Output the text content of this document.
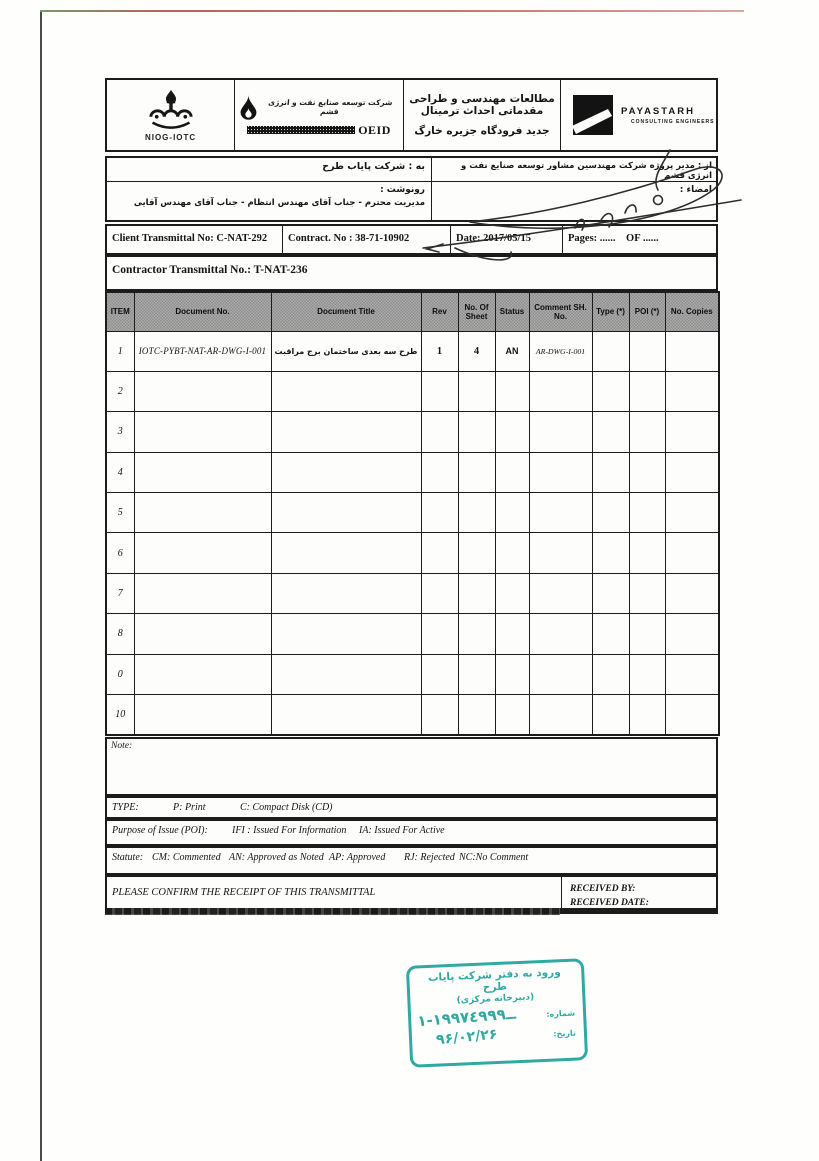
NIOG-IOTC
شرکت توسعه صنایع نفت و انرژی قشم
OEID
مطالعات مهندسی و طراحی مقدماتی احداث ترمینال
جدید فرودگاه جزیره خارگ
PAYASTARH
CONSULTING ENGINEERS
به : شرکت پایاب طرح	از : مدیر پروژه شرکت مهندسین مشاور توسعه صنایع نفت و انرژی قشم
رونوشت :
مدیریت محترم - جناب آقای مهندس انتظام - جناب آقای مهندس آقایی
امضاء :
Client Transmittal No: C-NAT-292	Contract. No : 38-71-10902	Date: 2017/05/15	Pages: ......    OF ......
Contractor Transmittal No.: T-NAT-236
ITEM	Document No.	Document Title	Rev	No. Of Sheet	Status	Comment SH. No.	Type (*)	POI (*)	No. Copies
1	IOTC-PYBT-NAT-AR-DWG-I-001	طرح سه بعدی ساختمان برج مراقبت	1	4	AN	AR-DWG-I-001			
2									
3									
4									
5									
6									
7									
8									
0									
10									
Note:
TYPE:	P: Print	C: Compact Disk (CD)
Purpose of Issue (POI): IFI : Issued For Information IA: Issued For Active
Statute: CM: Commented AN: Approved as Noted AP: Approved RJ: Rejected NC:No Comment
PLEASE CONFIRM THE RECEIPT OF THIS TRANSMITTAL	RECEIVED BY:
RECEIVED DATE:
ورود به دفتر شرکت پایاب طرح
(دبیرخانه مرکزی)
۱-۱۹۹ــ۷٤۹۹۹	شماره:
۹۶/۰۲/۲۶	تاریخ:
